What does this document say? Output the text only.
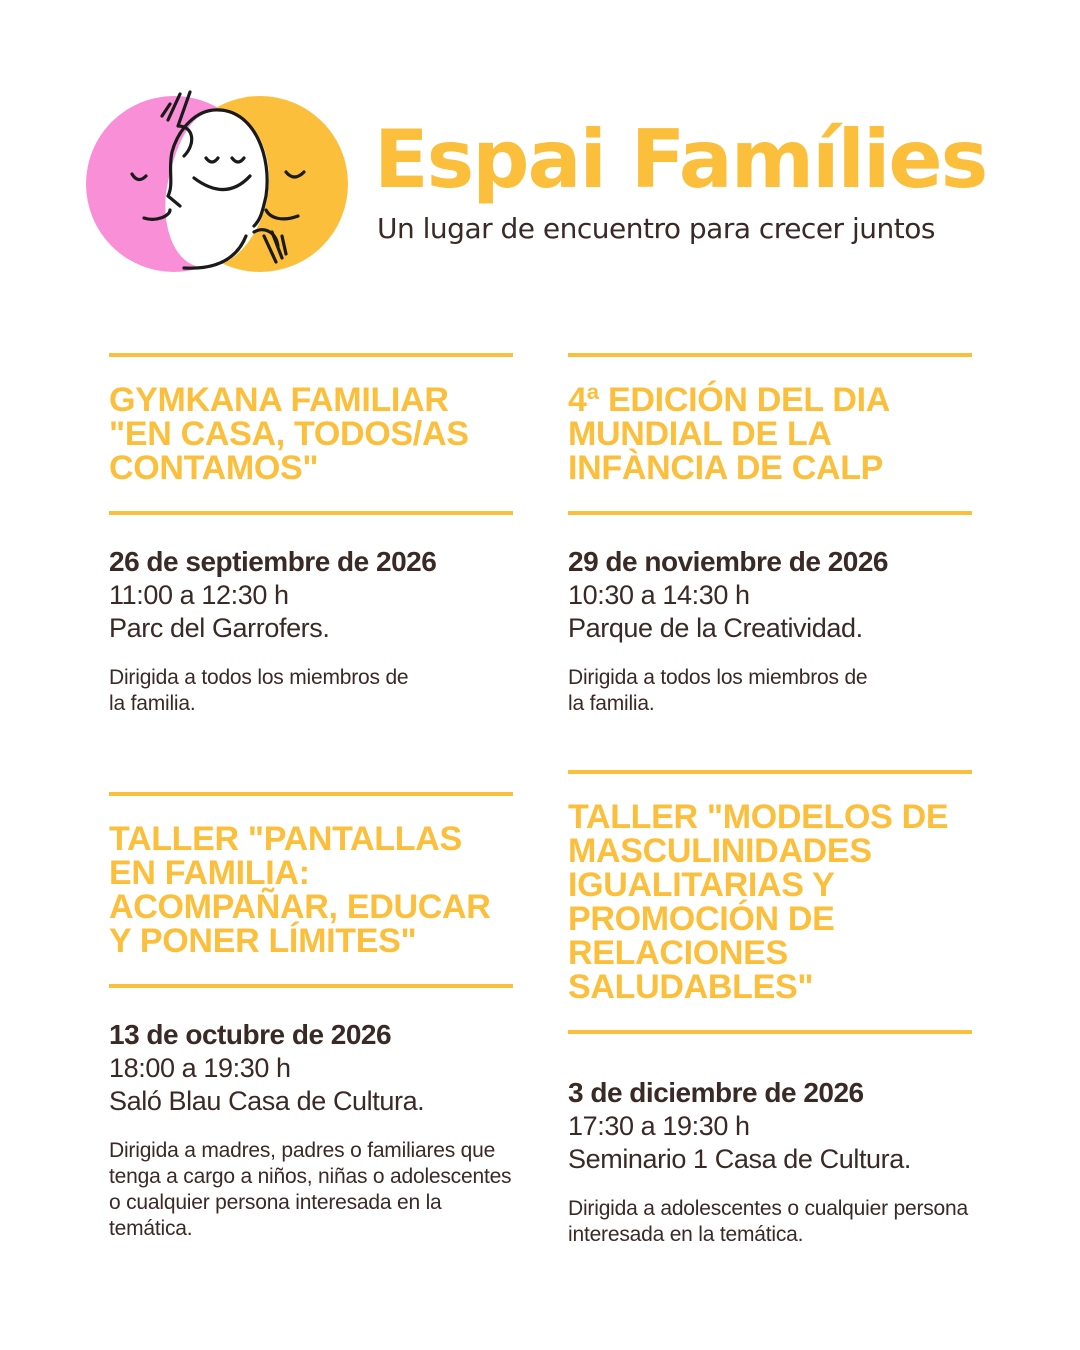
Espai Famílies
Un lugar de encuentro para crecer juntos
GYMKANA FAMILIAR "EN CASA, TODOS/AS CONTAMOS"
26 de septiembre de 2026
11:00 a 12:30 h
Parc del Garrofers.
Dirigida a todos los miembros de la familia.
4ª EDICIÓN DEL DIA MUNDIAL DE LA INFÀNCIA DE CALP
29 de noviembre de 2026
10:30 a 14:30 h
Parque de la Creatividad.
Dirigida a todos los miembros de la familia.
TALLER "PANTALLAS EN FAMILIA: ACOMPAÑAR, EDUCAR Y PONER LÍMITES"
13 de octubre de 2026
18:00 a 19:30 h
Saló Blau Casa de Cultura.
Dirigida a madres, padres o familiares que tenga a cargo a niños, niñas o adolescentes o cualquier persona interesada en la temática.
TALLER "MODELOS DE MASCULINIDADES IGUALITARIAS Y PROMOCIÓN DE RELACIONES SALUDABLES"
3 de diciembre de 2026
17:30 a 19:30 h
Seminario 1 Casa de Cultura.
Dirigida a adolescentes o cualquier persona interesada en la temática.
